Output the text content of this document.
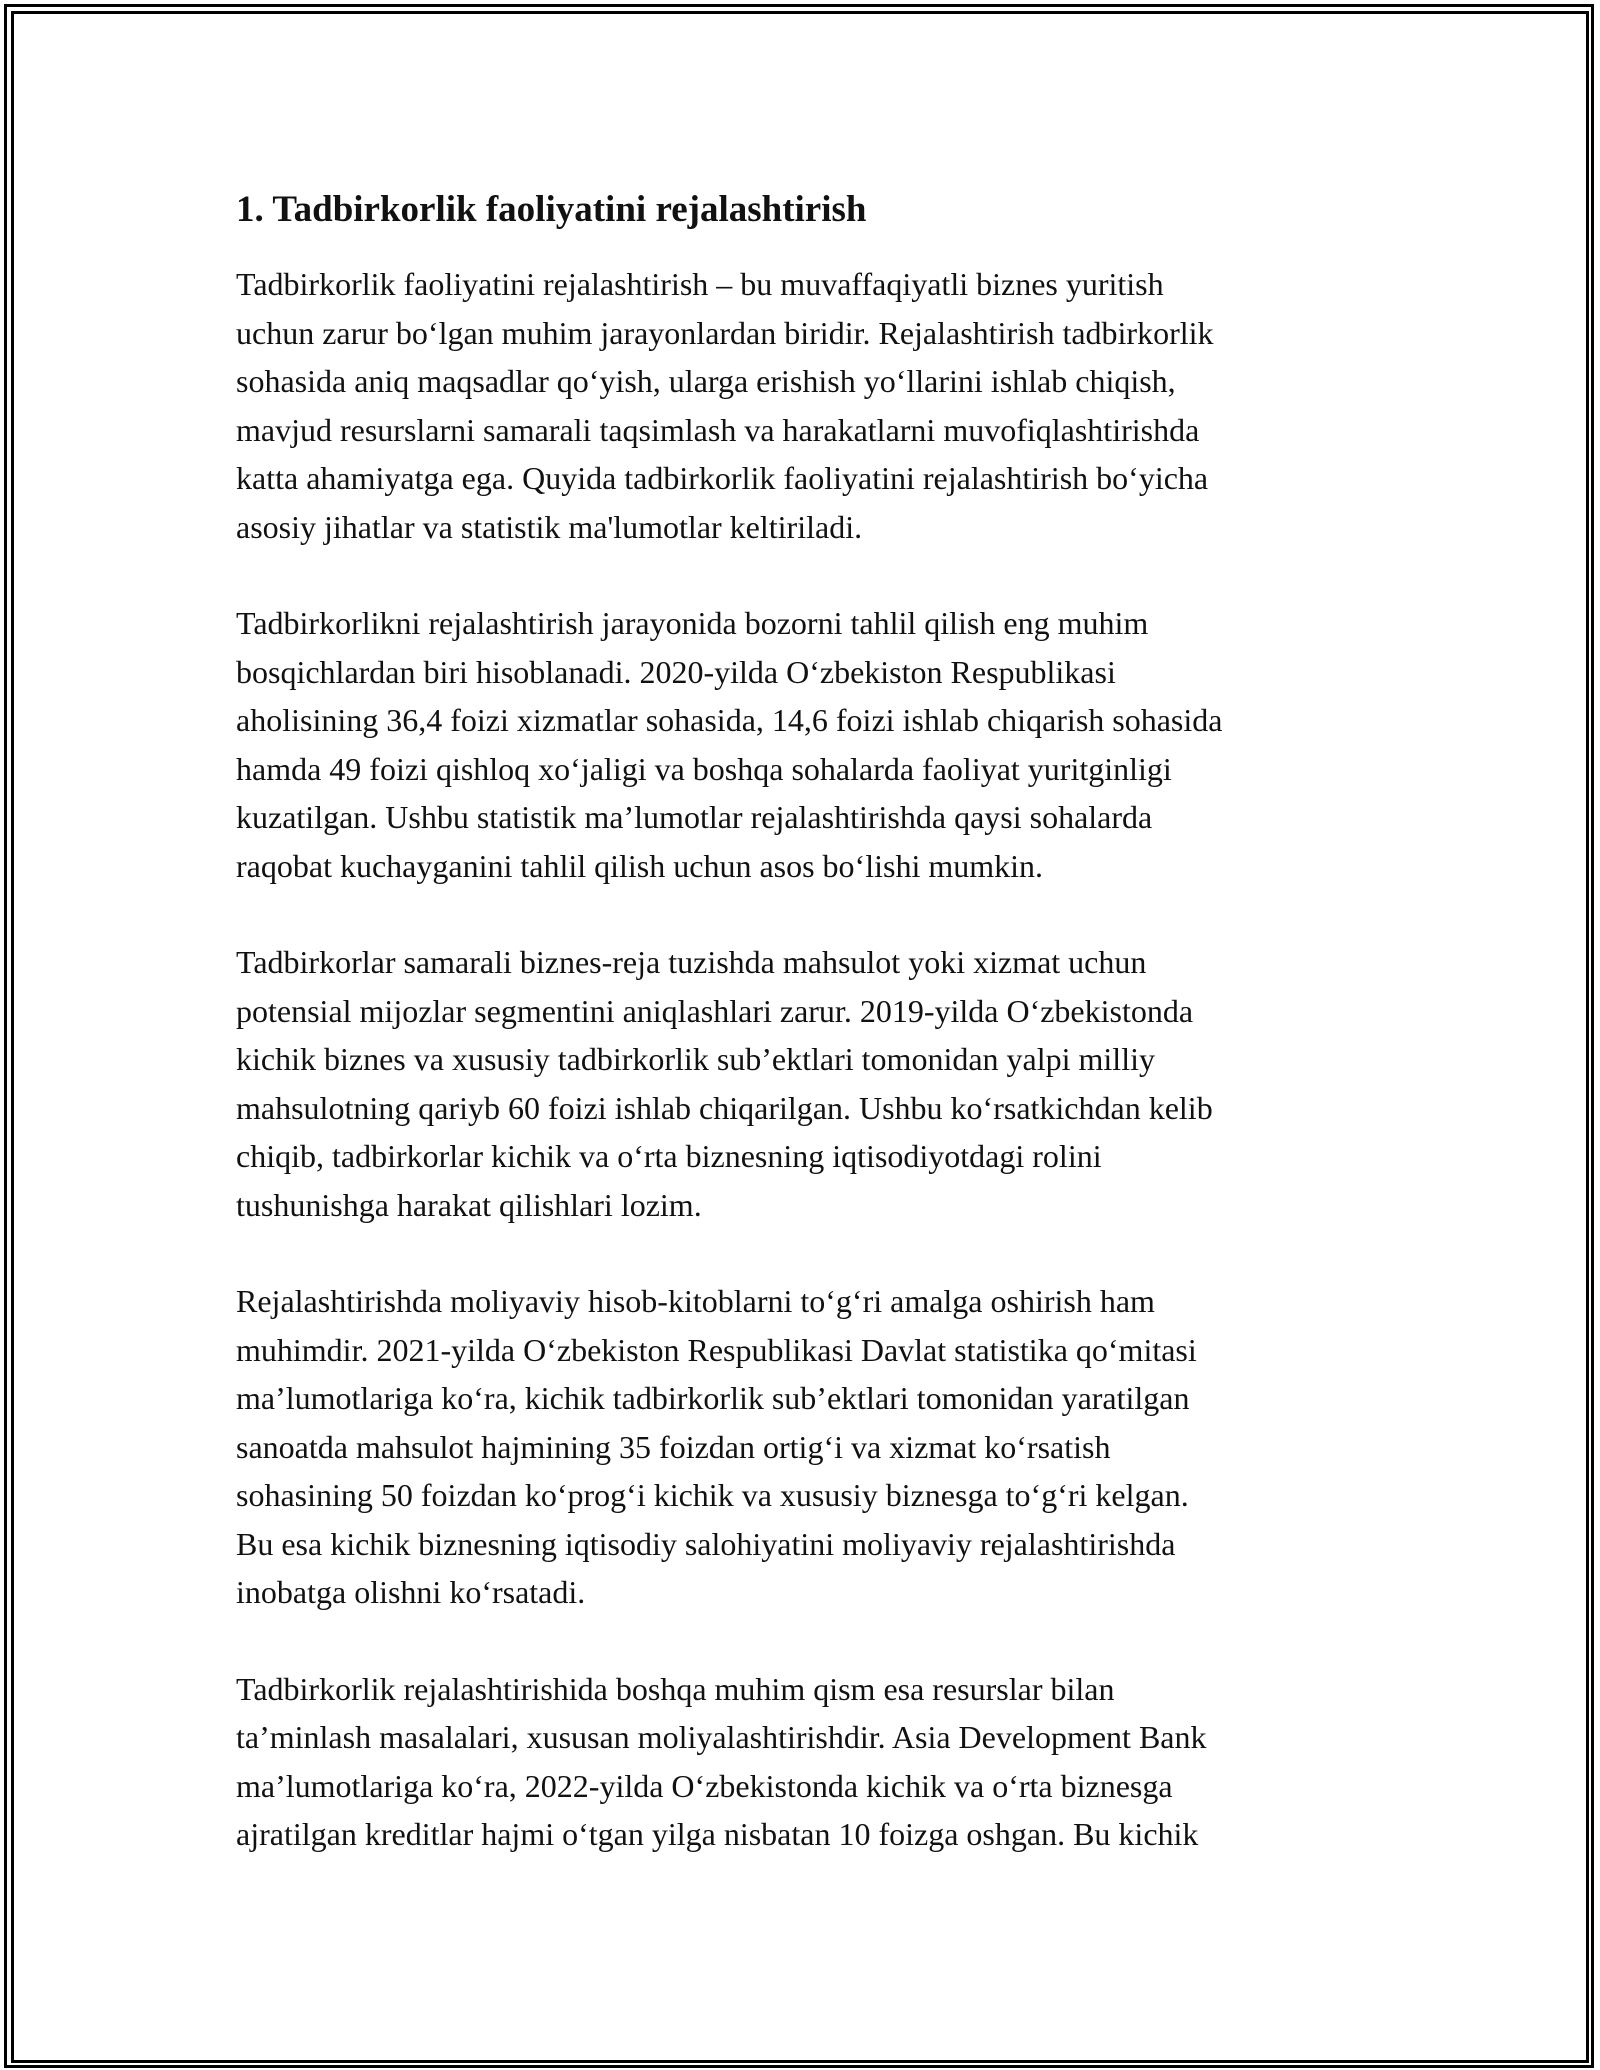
1. Tadbirkorlik faoliyatini rejalashtirish

Tadbirkorlik faoliyatini rejalashtirish – bu muvaffaqiyatli biznes yuritish
uchun zarur boʻlgan muhim jarayonlardan biridir. Rejalashtirish tadbirkorlik
sohasida aniq maqsadlar qoʻyish, ularga erishish yoʻllarini ishlab chiqish,
mavjud resurslarni samarali taqsimlash va harakatlarni muvofiqlashtirishda
katta ahamiyatga ega. Quyida tadbirkorlik faoliyatini rejalashtirish boʻyicha
asosiy jihatlar va statistik ma'lumotlar keltiriladi.

Tadbirkorlikni rejalashtirish jarayonida bozorni tahlil qilish eng muhim
bosqichlardan biri hisoblanadi. 2020-yilda Oʻzbekiston Respublikasi
aholisining 36,4 foizi xizmatlar sohasida, 14,6 foizi ishlab chiqarish sohasida
hamda 49 foizi qishloq xoʻjaligi va boshqa sohalarda faoliyat yuritginligi
kuzatilgan. Ushbu statistik ma’lumotlar rejalashtirishda qaysi sohalarda
raqobat kuchayganini tahlil qilish uchun asos boʻlishi mumkin.

Tadbirkorlar samarali biznes-reja tuzishda mahsulot yoki xizmat uchun
potensial mijozlar segmentini aniqlashlari zarur. 2019-yilda Oʻzbekistonda
kichik biznes va xususiy tadbirkorlik sub’ektlari tomonidan yalpi milliy
mahsulotning qariyb 60 foizi ishlab chiqarilgan. Ushbu koʻrsatkichdan kelib
chiqib, tadbirkorlar kichik va oʻrta biznesning iqtisodiyotdagi rolini
tushunishga harakat qilishlari lozim.

Rejalashtirishda moliyaviy hisob-kitoblarni toʻgʻri amalga oshirish ham
muhimdir. 2021-yilda Oʻzbekiston Respublikasi Davlat statistika qoʻmitasi
ma’lumotlariga koʻra, kichik tadbirkorlik sub’ektlari tomonidan yaratilgan
sanoatda mahsulot hajmining 35 foizdan ortigʻi va xizmat koʻrsatish
sohasining 50 foizdan koʻprogʻi kichik va xususiy biznesga toʻgʻri kelgan.
Bu esa kichik biznesning iqtisodiy salohiyatini moliyaviy rejalashtirishda
inobatga olishni koʻrsatadi.

Tadbirkorlik rejalashtirishida boshqa muhim qism esa resurslar bilan
ta’minlash masalalari, xususan moliyalashtirishdir. Asia Development Bank
ma’lumotlariga koʻra, 2022-yilda Oʻzbekistonda kichik va oʻrta biznesga
ajratilgan kreditlar hajmi oʻtgan yilga nisbatan 10 foizga oshgan. Bu kichik
